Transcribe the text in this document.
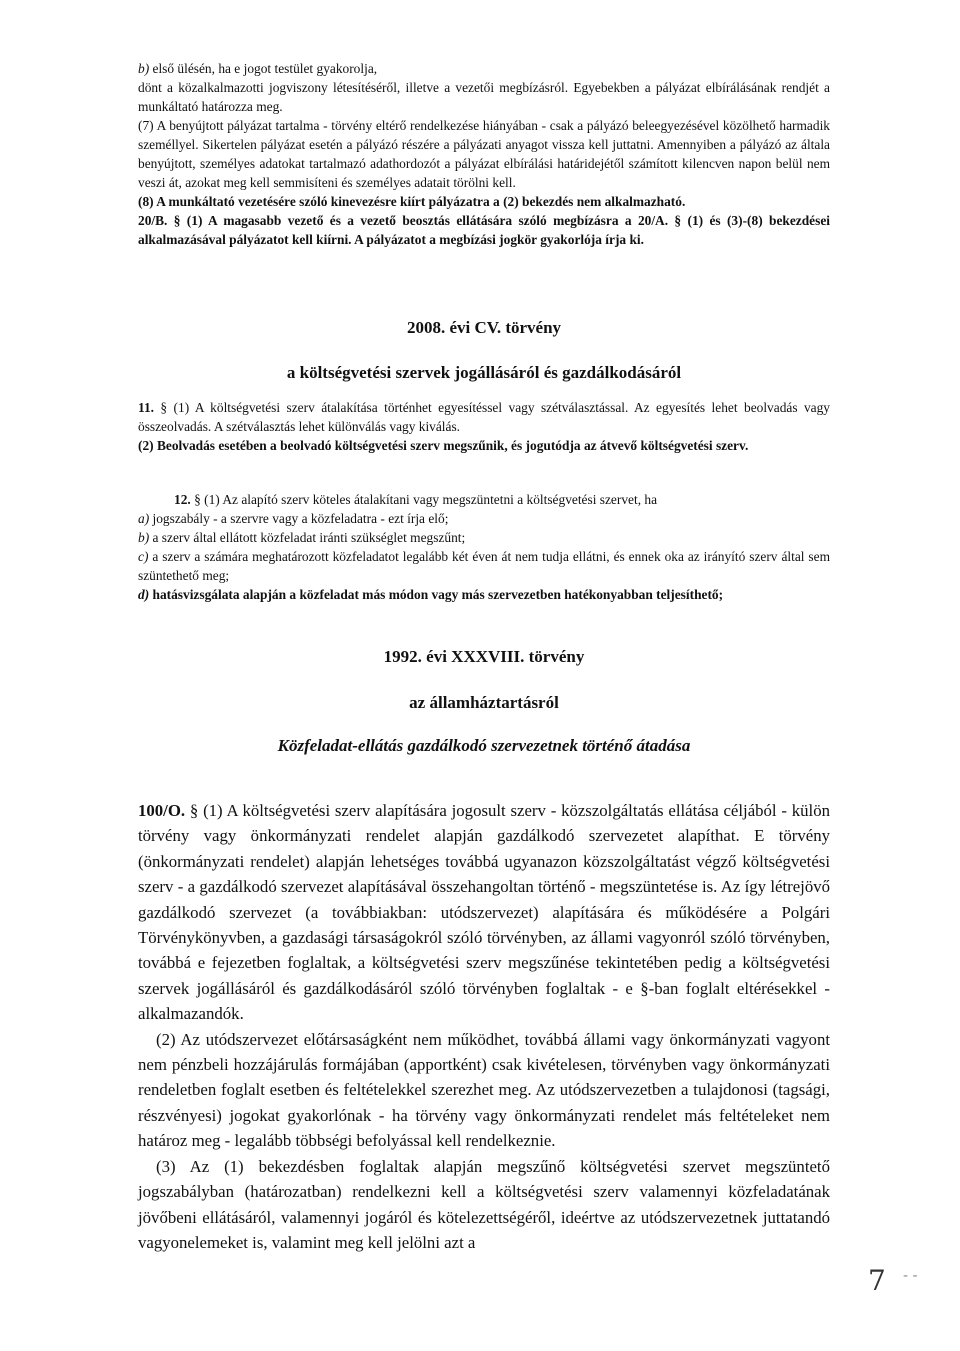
b) első ülésén, ha e jogot testület gyakorolja,

dönt a közalkalmazotti jogviszony létesítéséről, illetve a vezetői megbízásról. Egyebekben a pályázat elbírálásának rendjét a munkáltató határozza meg.

(7) A benyújtott pályázat tartalma - törvény eltérő rendelkezése hiányában - csak a pályázó beleegyezésével közölhető harmadik személlyel. Sikertelen pályázat esetén a pályázó részére a pályázati anyagot vissza kell juttatni. Amennyiben a pályázó az általa benyújtott, személyes adatokat tartalmazó adathordozót a pályázat elbírálási határidejétől számított kilencven napon belül nem veszi át, azokat meg kell semmisíteni és személyes adatait törölni kell.

(8) A munkáltató vezetésére szóló kinevezésre kiírt pályázatra a (2) bekezdés nem alkalmazható.

20/B. § (1) A magasabb vezető és a vezető beosztás ellátására szóló megbízásra a 20/A. § (1) és (3)-(8) bekezdései alkalmazásával pályázatot kell kiírni. A pályázatot a megbízási jogkör gyakorlója írja ki.

2008. évi CV. törvény
a költségvetési szervek jogállásáról és gazdálkodásáról

11. § (1) A költségvetési szerv átalakítása történhet egyesítéssel vagy szétválasztással. Az egyesítés lehet beolvadás vagy összeolvadás. A szétválasztás lehet különválás vagy kiválás.

(2) Beolvadás esetében a beolvadó költségvetési szerv megszűnik, és jogutódja az átvevő költségvetési szerv.

12. § (1) Az alapító szerv köteles átalakítani vagy megszüntetni a költségvetési szervet, ha

a) jogszabály - a szervre vagy a közfeladatra - ezt írja elő;

b) a szerv által ellátott közfeladat iránti szükséglet megszűnt;

c) a szerv a számára meghatározott közfeladatot legalább két éven át nem tudja ellátni, és ennek oka az irányító szerv által sem szüntethető meg;

d) hatásvizsgálata alapján a közfeladat más módon vagy más szervezetben hatékonyabban teljesíthető;

1992. évi XXXVIII. törvény
az államháztartásról
Közfeladat-ellátás gazdálkodó szervezetnek történő átadása

100/O. § (1) A költségvetési szerv alapítására jogosult szerv - közszolgáltatás ellátása céljából - külön törvény vagy önkormányzati rendelet alapján gazdálkodó szervezetet alapíthat. E törvény (önkormányzati rendelet) alapján lehetséges továbbá ugyanazon közszolgáltatást végző költségvetési szerv - a gazdálkodó szervezet alapításával összehangoltan történő - megszüntetése is. Az így létrejövő gazdálkodó szervezet (a továbbiakban: utódszervezet) alapítására és működésére a Polgári Törvénykönyvben, a gazdasági társaságokról szóló törvényben, az állami vagyonról szóló törvényben, továbbá e fejezetben foglaltak, a költségvetési szerv megszűnése tekintetében pedig a költségvetési szervek jogállásáról és gazdálkodásáról szóló törvényben foglaltak - e §-ban foglalt eltérésekkel - alkalmazandók.

(2) Az utódszervezet előtársaságként nem működhet, továbbá állami vagy önkormányzati vagyont nem pénzbeli hozzájárulás formájában (apportként) csak kivételesen, törvényben vagy önkormányzati rendeletben foglalt esetben és feltételekkel szerezhet meg. Az utódszervezetben a tulajdonosi (tagsági, részvényesi) jogokat gyakorlónak - ha törvény vagy önkormányzati rendelet más feltételeket nem határoz meg - legalább többségi befolyással kell rendelkeznie.

(3) Az (1) bekezdésben foglaltak alapján megszűnő költségvetési szervet megszüntető jogszabályban (határozatban) rendelkezni kell a költségvetési szerv valamennyi közfeladatának jövőbeni ellátásáról, valamennyi jogáról és kötelezettségéről, ideértve az utódszervezetnek juttatandó vagyonelemeket is, valamint meg kell jelölni azt a

7 - -
